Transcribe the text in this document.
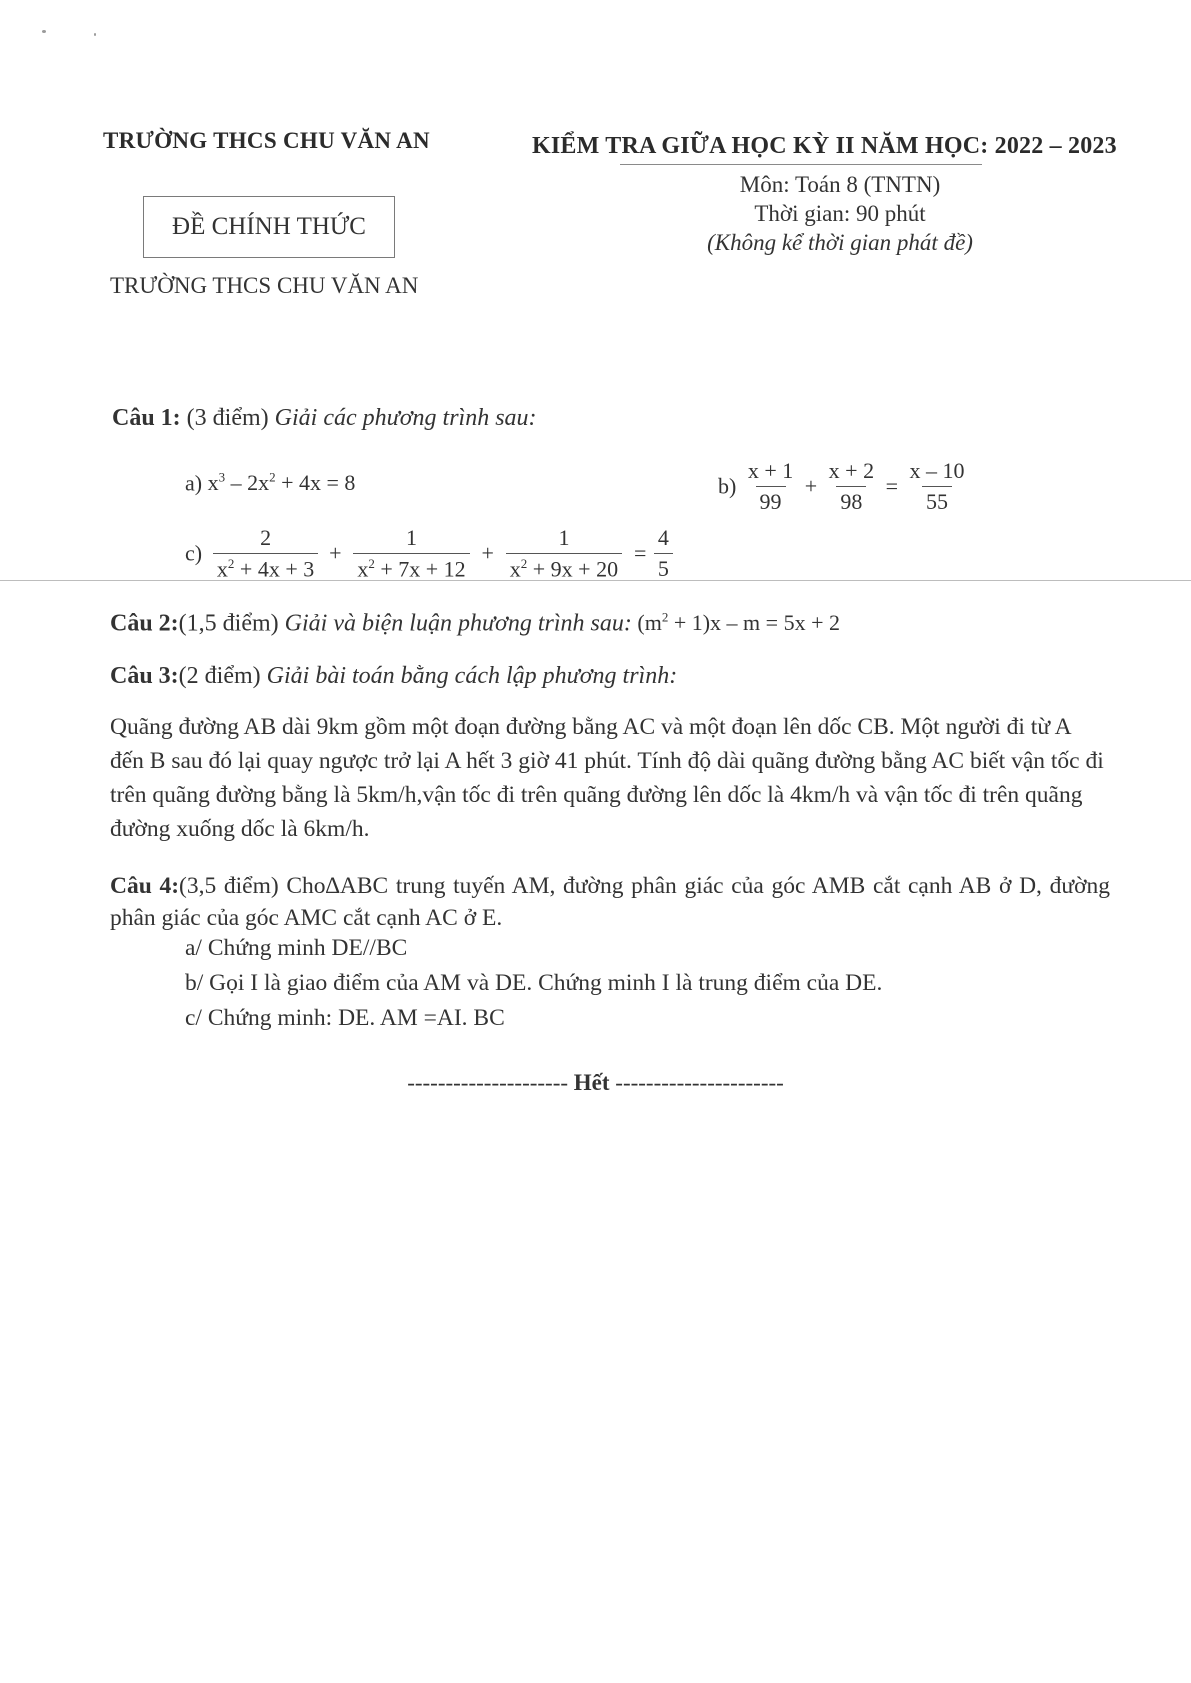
TRƯỜNG THCS CHU VĂN AN	KIỂM TRA GIỮA HỌC KỲ II NĂM HỌC: 2022 – 2023
Môn: Toán 8 (TNTN)
Thời gian: 90 phút
(Không kể thời gian phát đề)
ĐỀ CHÍNH THỨC
TRƯỜNG THCS CHU VĂN AN
Câu 1: (3 điểm) Giải các phương trình sau:
a) $x^3 - 2x^2 + 4x = 8$	$b) \frac{x + 1}{99} + \frac{x + 2}{98} = \frac{x - 10}{55}$
$c) \frac{2}{x^2 + 4x + 3} + \frac{1}{x^2 + 7x + 12} + \frac{1}{x^2 + 9x + 20} = \frac{4}{5}$
Câu 2:(1,5 điểm) Giải và biện luận phương trình sau: $(m^2 + 1)x - m = 5x + 2$
Câu 3:(2 điểm) Giải bài toán bằng cách lập phương trình:
Quãng đường AB dài 9km gồm một đoạn đường bằng AC và một đoạn lên dốc CB. Một người đi từ A đến B sau đó lại quay ngược trở lại A hết 3 giờ 41 phút. Tính độ dài quãng đường bằng AC biết vận tốc đi trên quãng đường bằng là 5km/h,vận tốc đi trên quãng đường lên dốc là 4km/h và vận tốc đi trên quãng đường xuống dốc là 6km/h.
Câu 4:(3,5 điểm) Cho∆ABC trung tuyến AM, đường phân giác của góc AMB cắt cạnh AB ở D, đường phân giác của góc AMC cắt cạnh AC ở E.
a/ Chứng minh DE//BC
b/ Gọi I là giao điểm của AM và DE. Chứng minh I là trung điểm của DE.
c/ Chứng minh: DE. AM =AI. BC
--------------------- Hết ----------------------
